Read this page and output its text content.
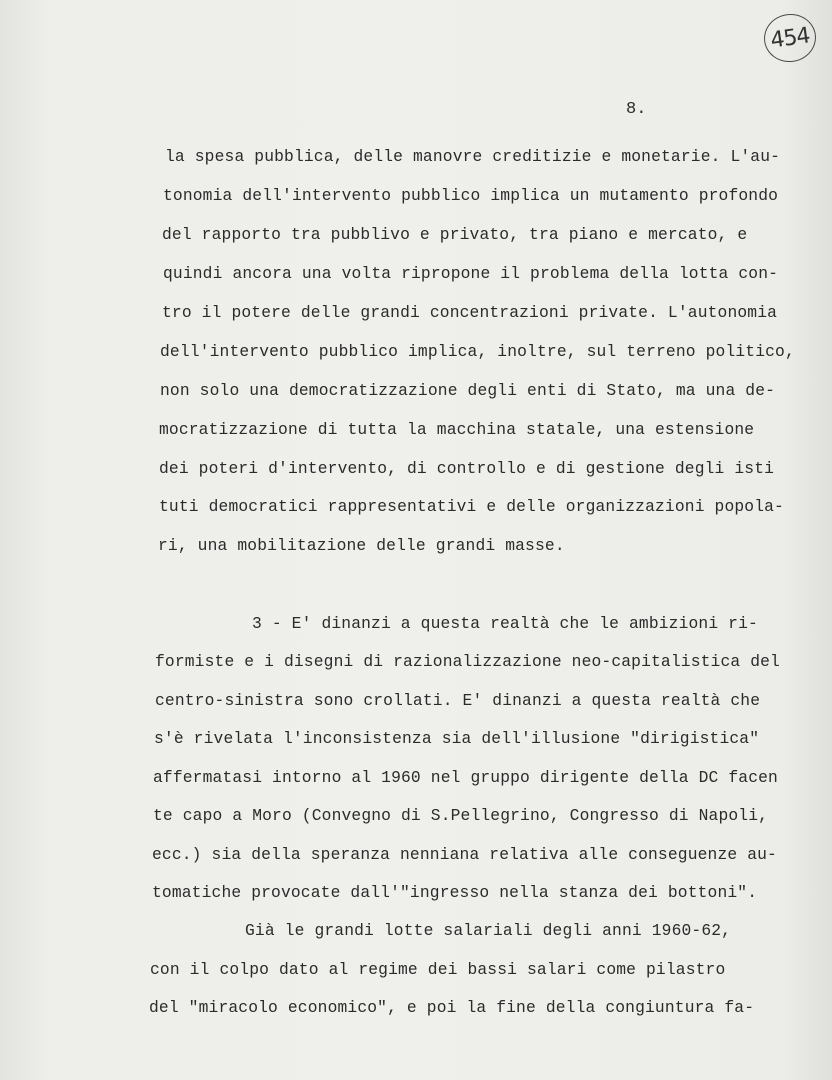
454
8.
la spesa pubblica, delle manovre creditizie e monetarie. L'au-
tonomia dell'intervento pubblico implica un mutamento profondo
del rapporto tra pubblivo e privato, tra piano e mercato, e
quindi ancora una volta ripropone il problema della lotta con-
tro il potere delle grandi concentrazioni private. L'autonomia
dell'intervento pubblico implica, inoltre, sul terreno politico,
non solo una democratizzazione degli enti di Stato, ma una de-
mocratizzazione di tutta la macchina statale, una estensione
dei poteri d'intervento, di controllo e di gestione degli isti
tuti democratici rappresentativi e delle organizzazioni popola-
ri, una mobilitazione delle grandi masse.
3 - E' dinanzi a questa realtà che le ambizioni ri-
formiste e i disegni di razionalizzazione neo-capitalistica del
centro-sinistra sono crollati. E' dinanzi a questa realtà che
s'è rivelata l'inconsistenza sia dell'illusione "dirigistica"
affermatasi intorno al 1960 nel gruppo dirigente della DC facen
te capo a Moro (Convegno di S.Pellegrino, Congresso di Napoli,
ecc.) sia della speranza nenniana relativa alle conseguenze au-
tomatiche provocate dall'"ingresso nella stanza dei bottoni".
Già le grandi lotte salariali degli anni 1960-62,
con il colpo dato al regime dei bassi salari come pilastro
del "miracolo economico", e poi la fine della congiuntura fa-
